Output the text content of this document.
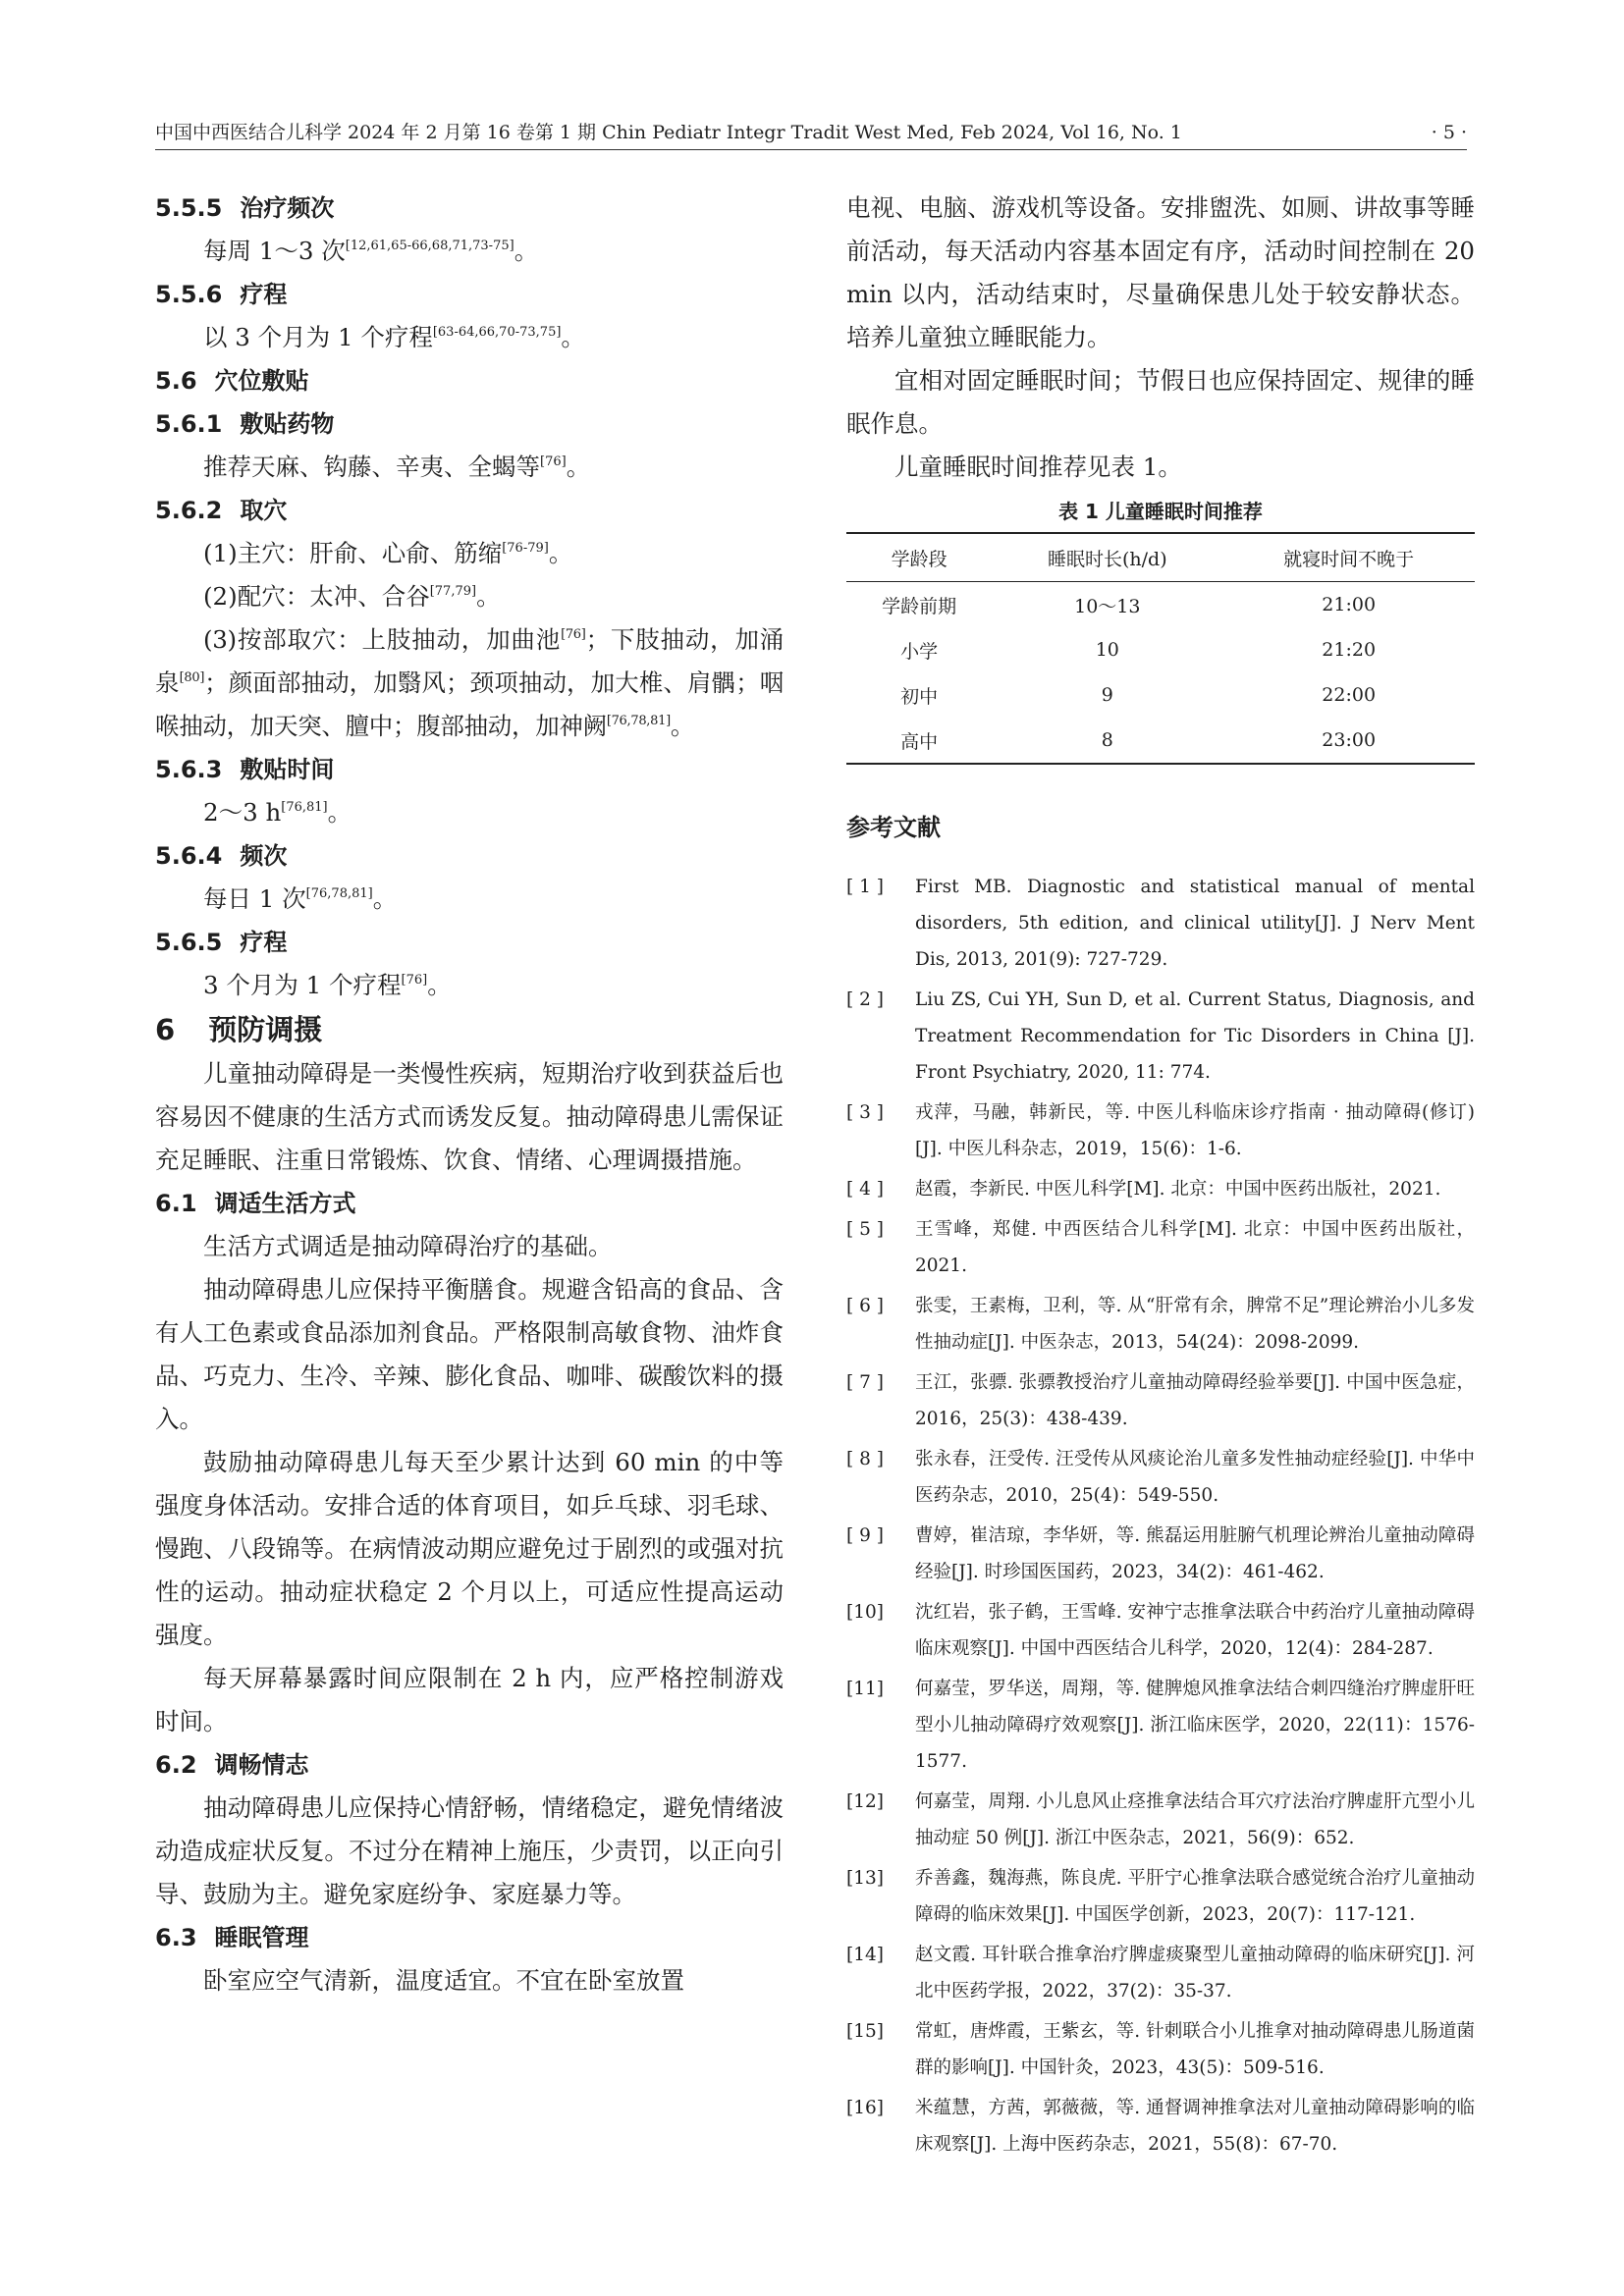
中国中西医结合儿科学 2024 年 2 月第 16 卷第 1 期 Chin Pediatr Integr Tradit West Med, Feb 2024, Vol 16, No. 1	· 5 ·
5.5.5 治疗频次

每周 1～3 次[12,61,65-66,68,71,73-75]。

5.5.6 疗程

以 3 个月为 1 个疗程[63-64,66,70-73,75]。

5.6 穴位敷贴
5.6.1 敷贴药物

推荐天麻、钩藤、辛夷、全蝎等[76]。

5.6.2 取穴

(1)主穴：肝俞、心俞、筋缩[76-79]。

(2)配穴：太冲、合谷[77,79]。

(3)按部取穴：上肢抽动，加曲池[76]；下肢抽动，加涌泉[80]；颜面部抽动，加翳风；颈项抽动，加大椎、肩髃；咽喉抽动，加天突、膻中；腹部抽动，加神阙[76,78,81]。

5.6.3 敷贴时间

2～3 h[76,81]。

5.6.4 频次

每日 1 次[76,78,81]。

5.6.5 疗程

3 个月为 1 个疗程[76]。

6 预防调摄

儿童抽动障碍是一类慢性疾病，短期治疗收到获益后也容易因不健康的生活方式而诱发反复。抽动障碍患儿需保证充足睡眠、注重日常锻炼、饮食、情绪、心理调摄措施。

6.1 调适生活方式

生活方式调适是抽动障碍治疗的基础。

抽动障碍患儿应保持平衡膳食。规避含铅高的食品、含有人工色素或食品添加剂食品。严格限制高敏食物、油炸食品、巧克力、生冷、辛辣、膨化食品、咖啡、碳酸饮料的摄入。

鼓励抽动障碍患儿每天至少累计达到 60 min 的中等强度身体活动。安排合适的体育项目，如乒乓球、羽毛球、慢跑、八段锦等。在病情波动期应避免过于剧烈的或强对抗性的运动。抽动症状稳定 2 个月以上，可适应性提高运动强度。

每天屏幕暴露时间应限制在 2 h 内，应严格控制游戏时间。

6.2 调畅情志

抽动障碍患儿应保持心情舒畅，情绪稳定，避免情绪波动造成症状反复。不过分在精神上施压，少责罚，以正向引导、鼓励为主。避免家庭纷争、家庭暴力等。

6.3 睡眠管理

卧室应空气清新，温度适宜。不宜在卧室放置

电视、电脑、游戏机等设备。安排盥洗、如厕、讲故事等睡前活动，每天活动内容基本固定有序，活动时间控制在 20 min 以内，活动结束时，尽量确保患儿处于较安静状态。培养儿童独立睡眠能力。

宜相对固定睡眠时间；节假日也应保持固定、规律的睡眠作息。

儿童睡眠时间推荐见表 1。

表 1 儿童睡眠时间推荐
学龄段	睡眠时长(h/d)	就寝时间不晚于
学龄前期	10～13	21:00
小学	10	21:20
初中	9	22:00
高中	8	23:00
参考文献
[ 1 ] First MB. Diagnostic and statistical manual of mental disorders, 5th edition, and clinical utility[J]. J Nerv Ment Dis, 2013, 201(9): 727-729.
[ 2 ] Liu ZS, Cui YH, Sun D, et al. Current Status, Diagnosis, and Treatment Recommendation for Tic Disorders in China [J]. Front Psychiatry, 2020, 11: 774.
[ 3 ] 戎萍，马融，韩新民，等. 中医儿科临床诊疗指南 · 抽动障碍(修订)[J]. 中医儿科杂志，2019，15(6)：1-6.
[ 4 ] 赵霞，李新民. 中医儿科学[M]. 北京：中国中医药出版社，2021.
[ 5 ] 王雪峰，郑健. 中西医结合儿科学[M]. 北京：中国中医药出版社，2021.
[ 6 ] 张雯，王素梅，卫利，等. 从“肝常有余，脾常不足”理论辨治小儿多发性抽动症[J]. 中医杂志，2013，54(24)：2098-2099.
[ 7 ] 王江，张骠. 张骠教授治疗儿童抽动障碍经验举要[J]. 中国中医急症，2016，25(3)：438-439.
[ 8 ] 张永春，汪受传. 汪受传从风痰论治儿童多发性抽动症经验[J]. 中华中医药杂志，2010，25(4)：549-550.
[ 9 ] 曹婷，崔洁琼，李华妍，等. 熊磊运用脏腑气机理论辨治儿童抽动障碍经验[J]. 时珍国医国药，2023，34(2)：461-462.
[10] 沈红岩，张子鹤，王雪峰. 安神宁志推拿法联合中药治疗儿童抽动障碍临床观察[J]. 中国中西医结合儿科学，2020，12(4)：284-287.
[11] 何嘉莹，罗华送，周翔，等. 健脾熄风推拿法结合刺四缝治疗脾虚肝旺型小儿抽动障碍疗效观察[J]. 浙江临床医学，2020，22(11)：1576-1577.
[12] 何嘉莹，周翔. 小儿息风止痉推拿法结合耳穴疗法治疗脾虚肝亢型小儿抽动症 50 例[J]. 浙江中医杂志，2021，56(9)：652.
[13] 乔善鑫，魏海燕，陈良虎. 平肝宁心推拿法联合感觉统合治疗儿童抽动障碍的临床效果[J]. 中国医学创新，2023，20(7)：117-121.
[14] 赵文霞. 耳针联合推拿治疗脾虚痰聚型儿童抽动障碍的临床研究[J]. 河北中医药学报，2022，37(2)：35-37.
[15] 常虹，唐烨霞，王紫玄，等. 针刺联合小儿推拿对抽动障碍患儿肠道菌群的影响[J]. 中国针灸，2023，43(5)：509-516.
[16] 米蕴慧，方茜，郭薇薇，等. 通督调神推拿法对儿童抽动障碍影响的临床观察[J]. 上海中医药杂志，2021，55(8)：67-70.
